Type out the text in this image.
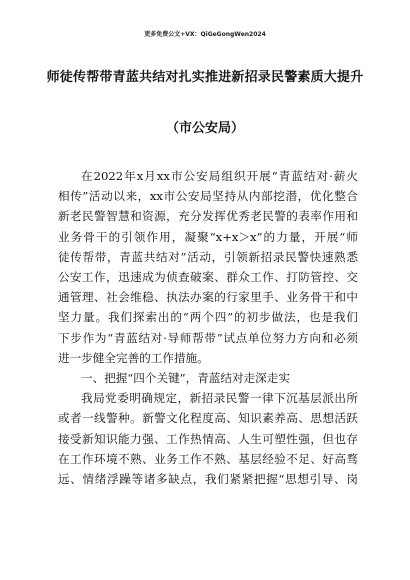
更多免费公文+VX：QiGeGongWen2024
师徒传帮带青蓝共结对扎实推进新招录民警素质大提升
（市公安局）
在2022年x月xx市公安局组织开展“青蓝结对·薪火
相传”活动以来，xx市公安局坚持从内部挖潜，优化整合
新老民警智慧和资源，充分发挥优秀老民警的表率作用和
业务骨干的引领作用，凝聚“x+x＞x”的力量，开展“师
徒传帮带，青蓝共结对”活动，引领新招录民警快速熟悉
公安工作，迅速成为侦查破案、群众工作、打防管控、交
通管理、社会维稳、执法办案的行家里手、业务骨干和中
坚力量。我们探索出的“两个四”的初步做法，也是我们
下步作为“青蓝结对·导师帮带”试点单位努力方向和必须
进一步健全完善的工作措施。
一、把握“四个关键”，青蓝结对走深走实
我局党委明确规定，新招录民警一律下沉基层派出所
或者一线警种。新警文化程度高、知识素养高、思想活跃
接受新知识能力强、工作热情高、人生可塑性强，但也存
在工作环境不熟、业务工作不熟、基层经验不足、好高骛
远、情绪浮躁等诸多缺点，我们紧紧把握“思想引导、岗
